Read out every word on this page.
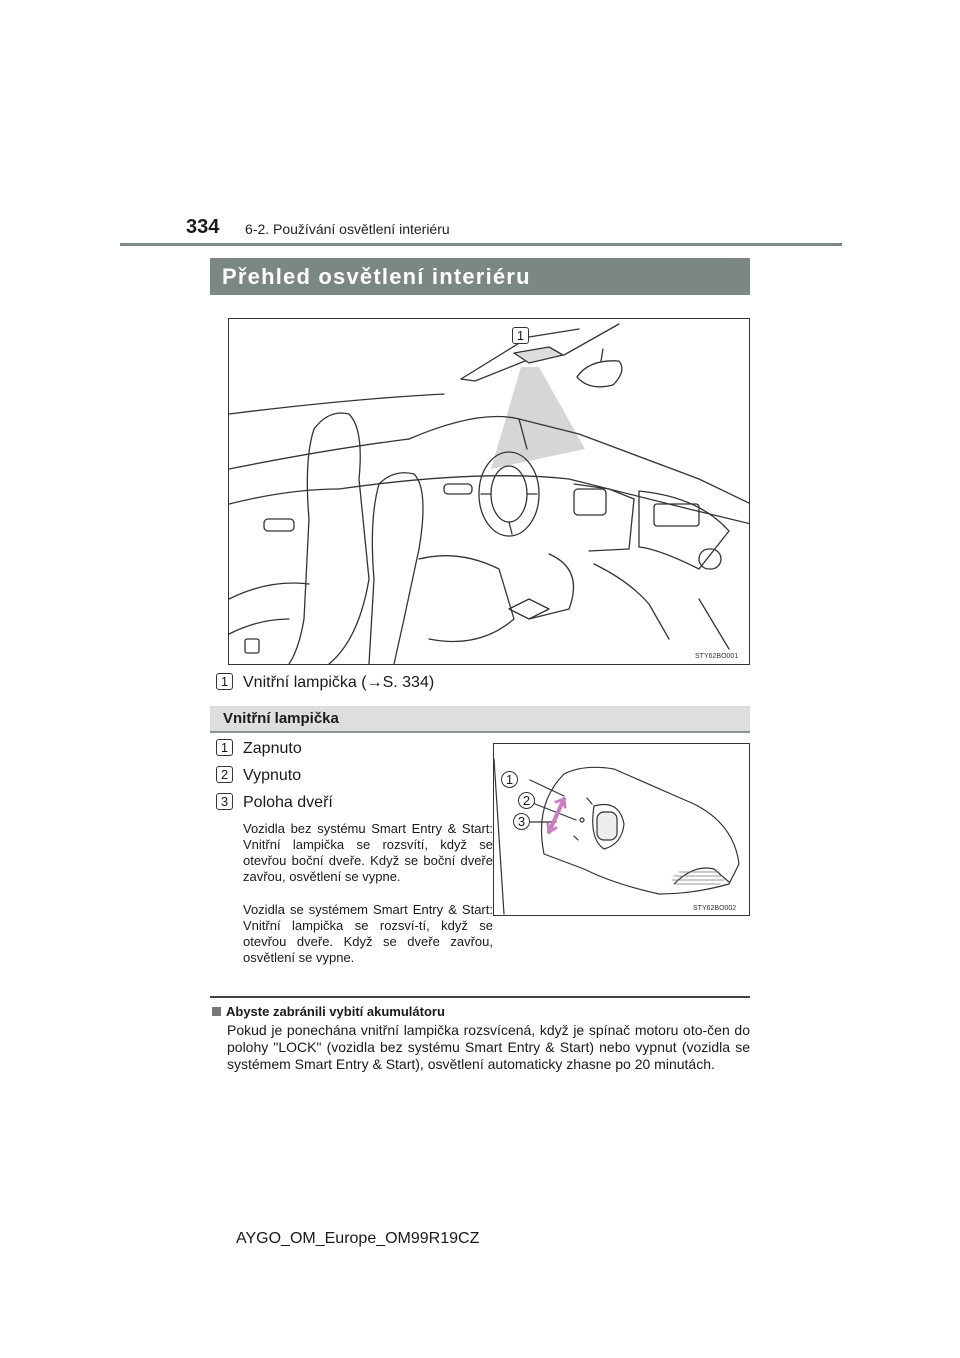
334 6-2. Používání osvětlení interiéru
Přehled osvětlení interiéru
1
STY62BO001
1 Vnitřní lampička (→S. 334)
Vnitřní lampička
1 Zapnuto
2 Vypnuto
3 Poloha dveří
Vozidla bez systému Smart Entry & Start: Vnitřní lampička se rozsvítí, když se otevřou boční dveře. Když se boční dveře zavřou, osvětlení se vypne.
Vozidla se systémem Smart Entry & Start: Vnitřní lampička se rozsví-tí, když se otevřou dveře. Když se dveře zavřou, osvětlení se vypne.
1
2
3
STY62BO002
Abyste zabránili vybití akumulátoru
Pokud je ponechána vnitřní lampička rozsvícená, když je spínač motoru oto-čen do polohy "LOCK" (vozidla bez systému Smart Entry & Start) nebo vypnut (vozidla se systémem Smart Entry & Start), osvětlení automaticky zhasne po 20 minutách.
AYGO_OM_Europe_OM99R19CZ
